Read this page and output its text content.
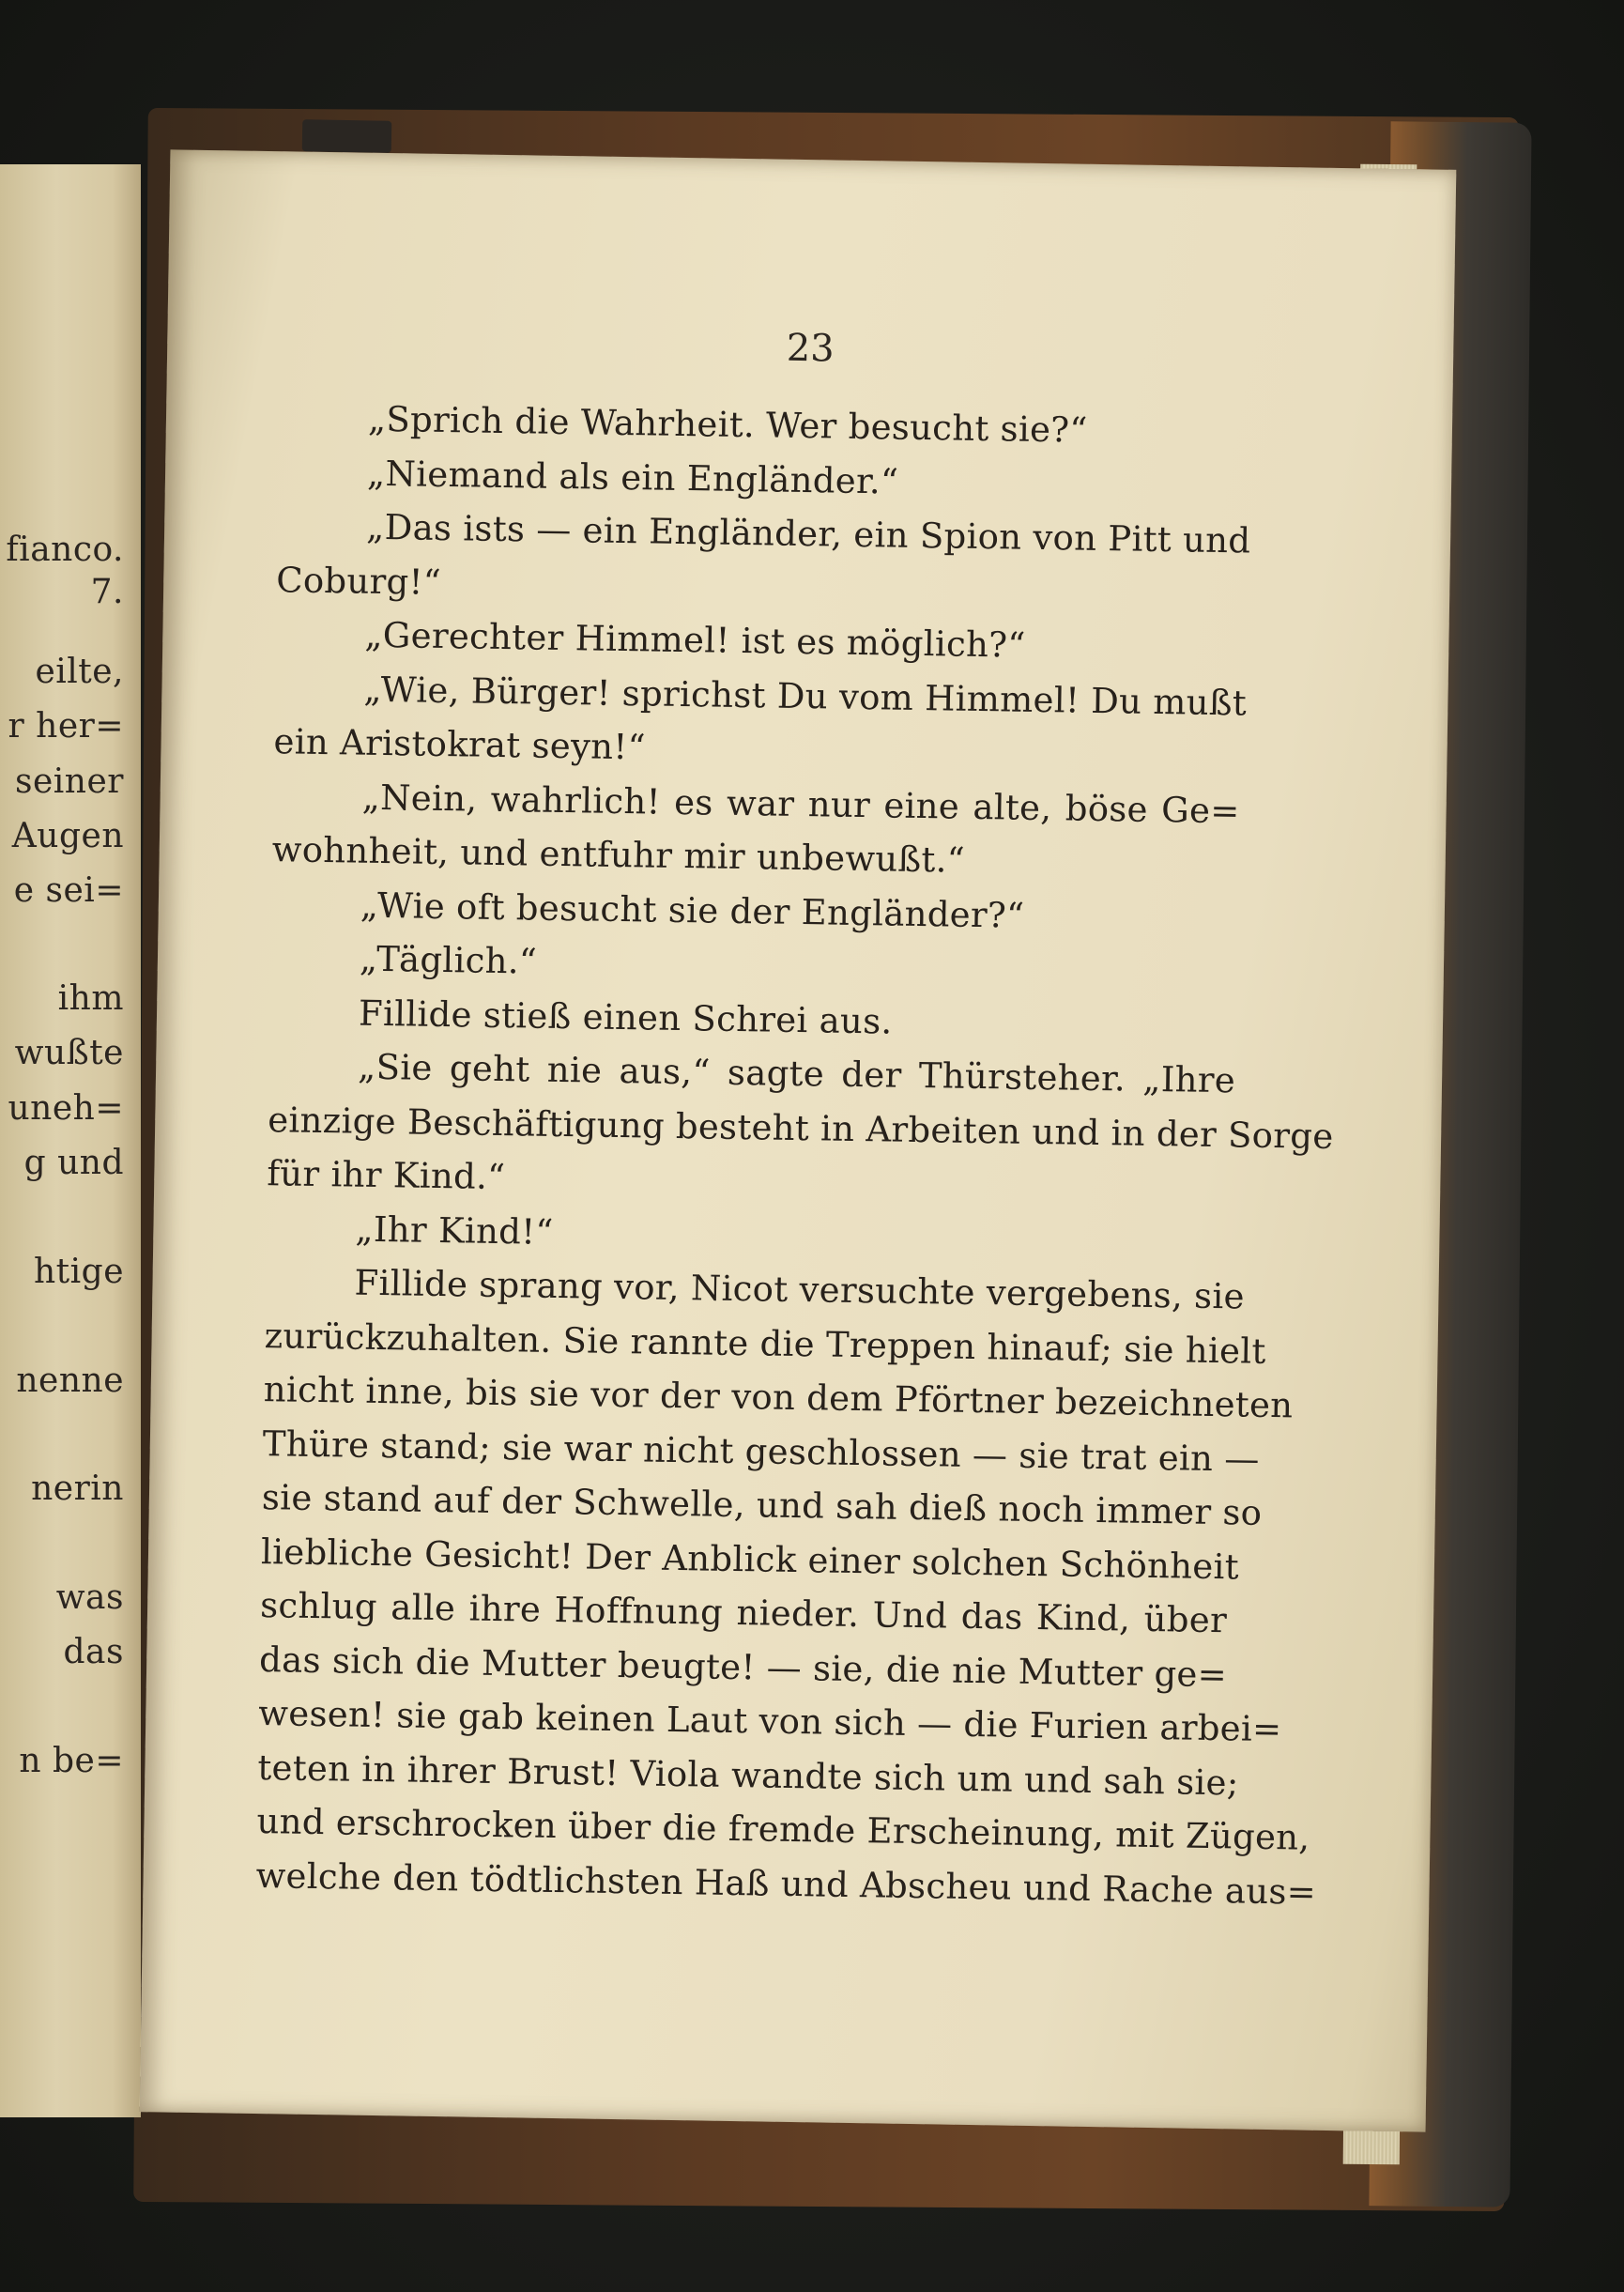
fianco.
7.
eilte,
r her=
seiner
Augen
e sei=
ihm
wußte
uneh=
g und
htige
nenne
nerin
was
das
n be=
23
„Sprich die Wahrheit. Wer besucht sie?“
„Niemand als ein Engländer.“
„Das ists — ein Engländer, ein Spion von Pitt und
Coburg!“
„Gerechter Himmel! ist es möglich?“
„Wie, Bürger! sprichst Du vom Himmel! Du mußt
ein Aristokrat seyn!“
„Nein, wahrlich! es war nur eine alte, böse Ge=
wohnheit, und entfuhr mir unbewußt.“
„Wie oft besucht sie der Engländer?“
„Täglich.“
Fillide stieß einen Schrei aus.
„Sie geht nie aus,“ sagte der Thürsteher. „Ihre
einzige Beschäftigung besteht in Arbeiten und in der Sorge
für ihr Kind.“
„Ihr Kind!“
Fillide sprang vor, Nicot versuchte vergebens, sie
zurückzuhalten. Sie rannte die Treppen hinauf; sie hielt
nicht inne, bis sie vor der von dem Pförtner bezeichneten
Thüre stand; sie war nicht geschlossen — sie trat ein —
sie stand auf der Schwelle, und sah dieß noch immer so
liebliche Gesicht! Der Anblick einer solchen Schönheit
schlug alle ihre Hoffnung nieder. Und das Kind, über
das sich die Mutter beugte! — sie, die nie Mutter ge=
wesen! sie gab keinen Laut von sich — die Furien arbei=
teten in ihrer Brust! Viola wandte sich um und sah sie;
und erschrocken über die fremde Erscheinung, mit Zügen,
welche den tödtlichsten Haß und Abscheu und Rache aus=
